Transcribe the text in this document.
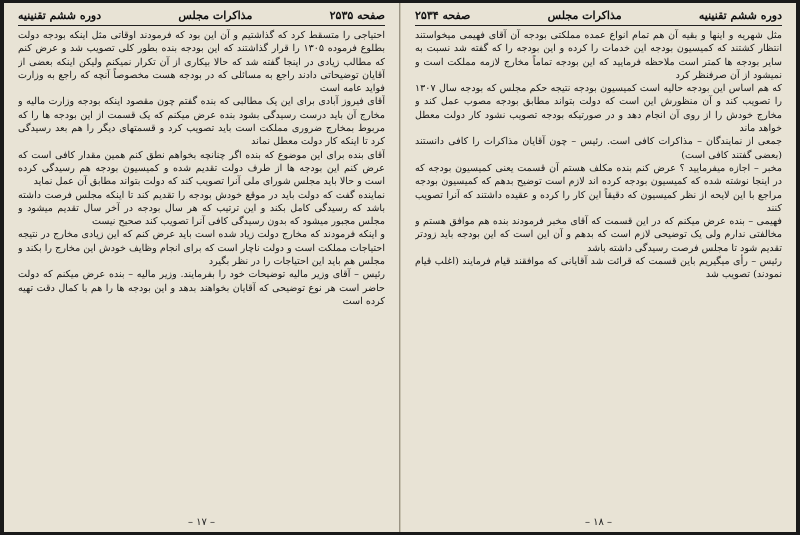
صفحه ۲۵۳۵
مذاکرات مجلس
دوره ششم تقنینیه

احتیاجی را متسقط کرد که گذاشتیم و آن این بود که فرمودند اوقاتی مثل اینکه بودجه دولت بطلوع فرموده ۱۳۰۵ را قرار گذاشتند که این بودجه بنده بطور کلی تصویب شد و عرض کنم که مطالب زیادی در اینجا گفته شد که حالا بیکاری از آن تکرار نمیکنم ولیکن اینکه بعضی از آقایان توضیحاتی دادند راجع به مسائلی که در بودجه هست مخصوصاً آنچه که راجع به وزارت فواید عامه است

آقای فیروز آبادی برای این یک مطالبی که بنده گفتم چون مقصود اینکه بودجه وزارت مالیه و مخارج آن باید درست رسیدگی بشود بنده عرض میکنم که یک قسمت از این بودجه ها را که مربوط بمخارج ضروری مملکت است باید تصویب کرد و قسمتهای دیگر را هم بعد رسیدگی کرد تا اینکه کار دولت معطل نماند

آقای بنده برای این موضوع که بنده اگر چنانچه بخواهم نطق کنم همین مقدار کافی است که عرض کنم این بودجه ها از طرف دولت تقدیم شده و کمیسیون بودجه هم رسیدگی کرده است و حالا باید مجلس شورای ملی آنرا تصویب کند که دولت بتواند مطابق آن عمل نماید

نماینده گفت که دولت باید در موقع خودش بودجه را تقدیم کند تا اینکه مجلس فرصت داشته باشد که رسیدگی کامل بکند و این ترتیب که هر سال بودجه در آخر سال تقدیم میشود و مجلس مجبور میشود که بدون رسیدگی کافی آنرا تصویب کند صحیح نیست

و اینکه فرمودند که مخارج دولت زیاد شده است باید عرض کنم که این زیادی مخارج در نتیجه احتیاجات مملکت است و دولت ناچار است که برای انجام وظایف خودش این مخارج را بکند و مجلس هم باید این احتیاجات را در نظر بگیرد

رئیس – آقای وزیر مالیه توضیحات خود را بفرمایند. وزیر مالیه – بنده عرض میکنم که دولت حاضر است هر نوع توضیحی که آقایان بخواهند بدهد و این بودجه ها را هم با کمال دقت تهیه کرده است

– ۱۷ –
دوره ششم تقنینیه
مذاکرات مجلس
صفحه ۲۵۳۴

مثل شهریه و اینها و بقیه آن هم تمام انواع عمده مملکتی بودجه آن آقای فهیمی میخواستند انتظار کشتند که کمیسیون بودجه این خدمات را کرده و این بودجه را که گفته شد نسبت به سایر بودجه ها کمتر است ملاحظه فرمایید که این بودجه تماماً مخارج لازمه مملکت است و نمیشود از آن صرفنظر کرد

که هم اساس این بودجه حالیه است کمیسیون بودجه نتیجه حکم مجلس که بودجه سال ۱۳۰۷ را تصویب کند و آن منظورش این است که دولت بتواند مطابق بودجه مصوب عمل کند و مخارج خودش را از روی آن انجام دهد و در صورتیکه بودجه تصویب نشود کار دولت معطل خواهد ماند

جمعی از نمایندگان – مذاکرات کافی است. رئیس – چون آقایان مذاکرات را کافی دانستند (بعضی گفتند کافی است)

مخبر – اجازه میفرمایید ؟ عرض کنم بنده مکلف هستم آن قسمت یعنی کمیسیون بودجه که در اینجا نوشته شده که کمیسیون بودجه کرده اند لازم است توضیح بدهم که کمیسیون بودجه مراجع با این لایحه از نظر کمیسیون که دقیقاً این کار را کرده و عقیده داشتند که آنرا تصویب کنند

فهیمی – بنده عرض میکنم که در این قسمت که آقای مخبر فرمودند بنده هم موافق هستم و مخالفتی ندارم ولی یک توضیحی لازم است که بدهم و آن این است که این بودجه باید زودتر تقدیم شود تا مجلس فرصت رسیدگی داشته باشد

رئیس – رأی میگیریم باین قسمت که قرائت شد آقایانی که موافقند قیام فرمایند (اغلب قیام نمودند) تصویب شد

– ۱۸ –
